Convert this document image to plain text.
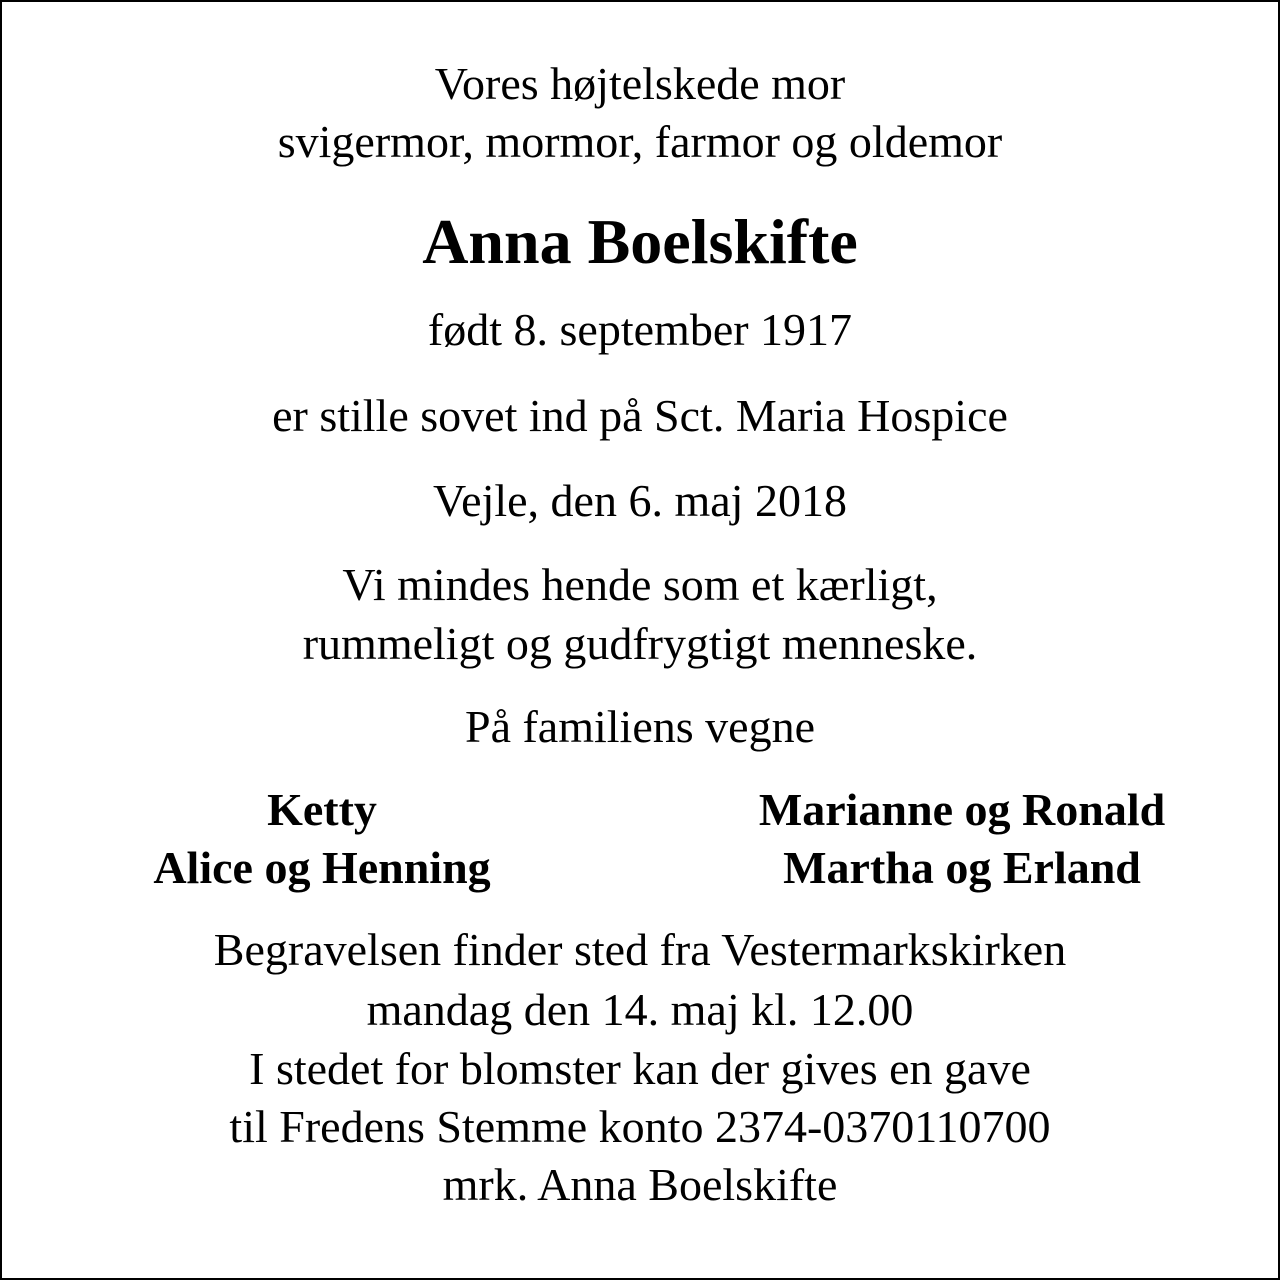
Vores højtelskede mor
svigermor, mormor, farmor og oldemor
Anna Boelskifte
født 8. september 1917
er stille sovet ind på Sct. Maria Hospice
Vejle, den 6. maj 2018
Vi mindes hende som et kærligt,
rummeligt og gudfrygtigt menneske.
På familiens vegne
Ketty
Alice og Henning
Marianne og Ronald
Martha og Erland
Begravelsen finder sted fra Vestermarkskirken
mandag den 14. maj kl. 12.00
I stedet for blomster kan der gives en gave
til Fredens Stemme konto 2374-0370110700
mrk. Anna Boelskifte
